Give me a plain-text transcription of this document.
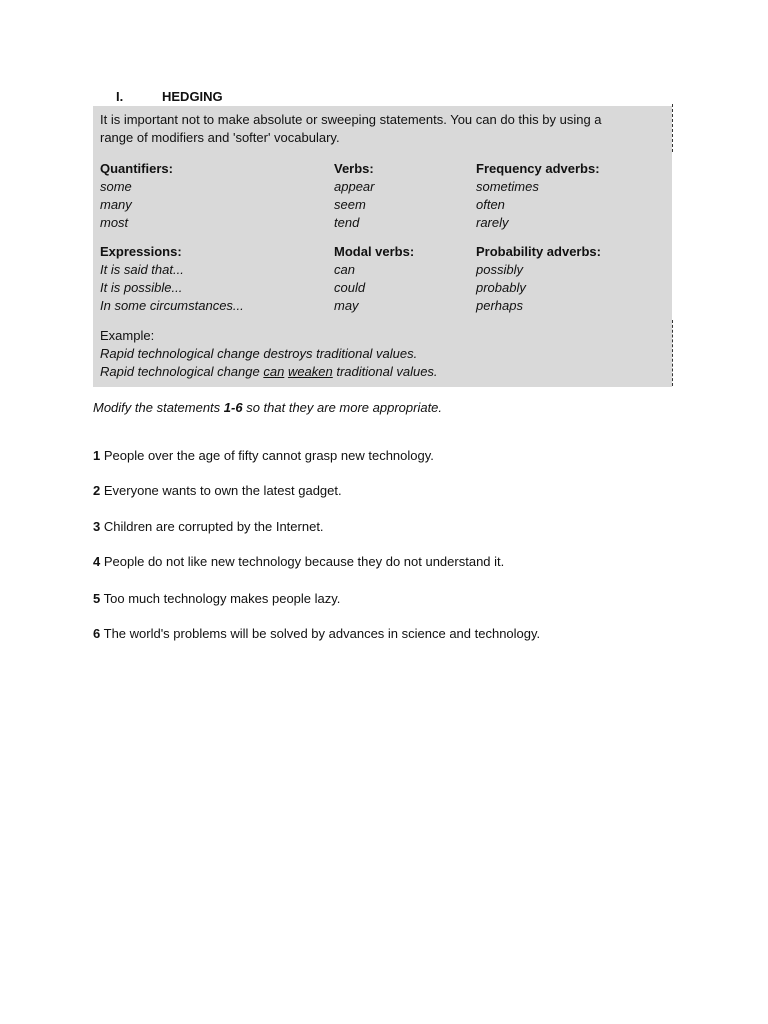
I.	HEDGING
It is important not to make absolute or sweeping statements. You can do this by using a
range of modifiers and 'softer' vocabulary.
Quantifiers:
some
many
most
Verbs:
appear
seem
tend
Frequency adverbs:
sometimes
often
rarely
Expressions:
It is said that...
It is possible...
In some circumstances...
Modal verbs:
can
could
may
Probability adverbs:
possibly
probably
perhaps
Example:
Rapid technological change destroys traditional values.
Rapid technological change can weaken traditional values.
Modify the statements 1-6 so that they are more appropriate.
1 People over the age of fifty cannot grasp new technology.
2 Everyone wants to own the latest gadget.
3 Children are corrupted by the Internet.
4 People do not like new technology because they do not understand it.
5 Too much technology makes people lazy.
6 The world's problems will be solved by advances in science and technology.
